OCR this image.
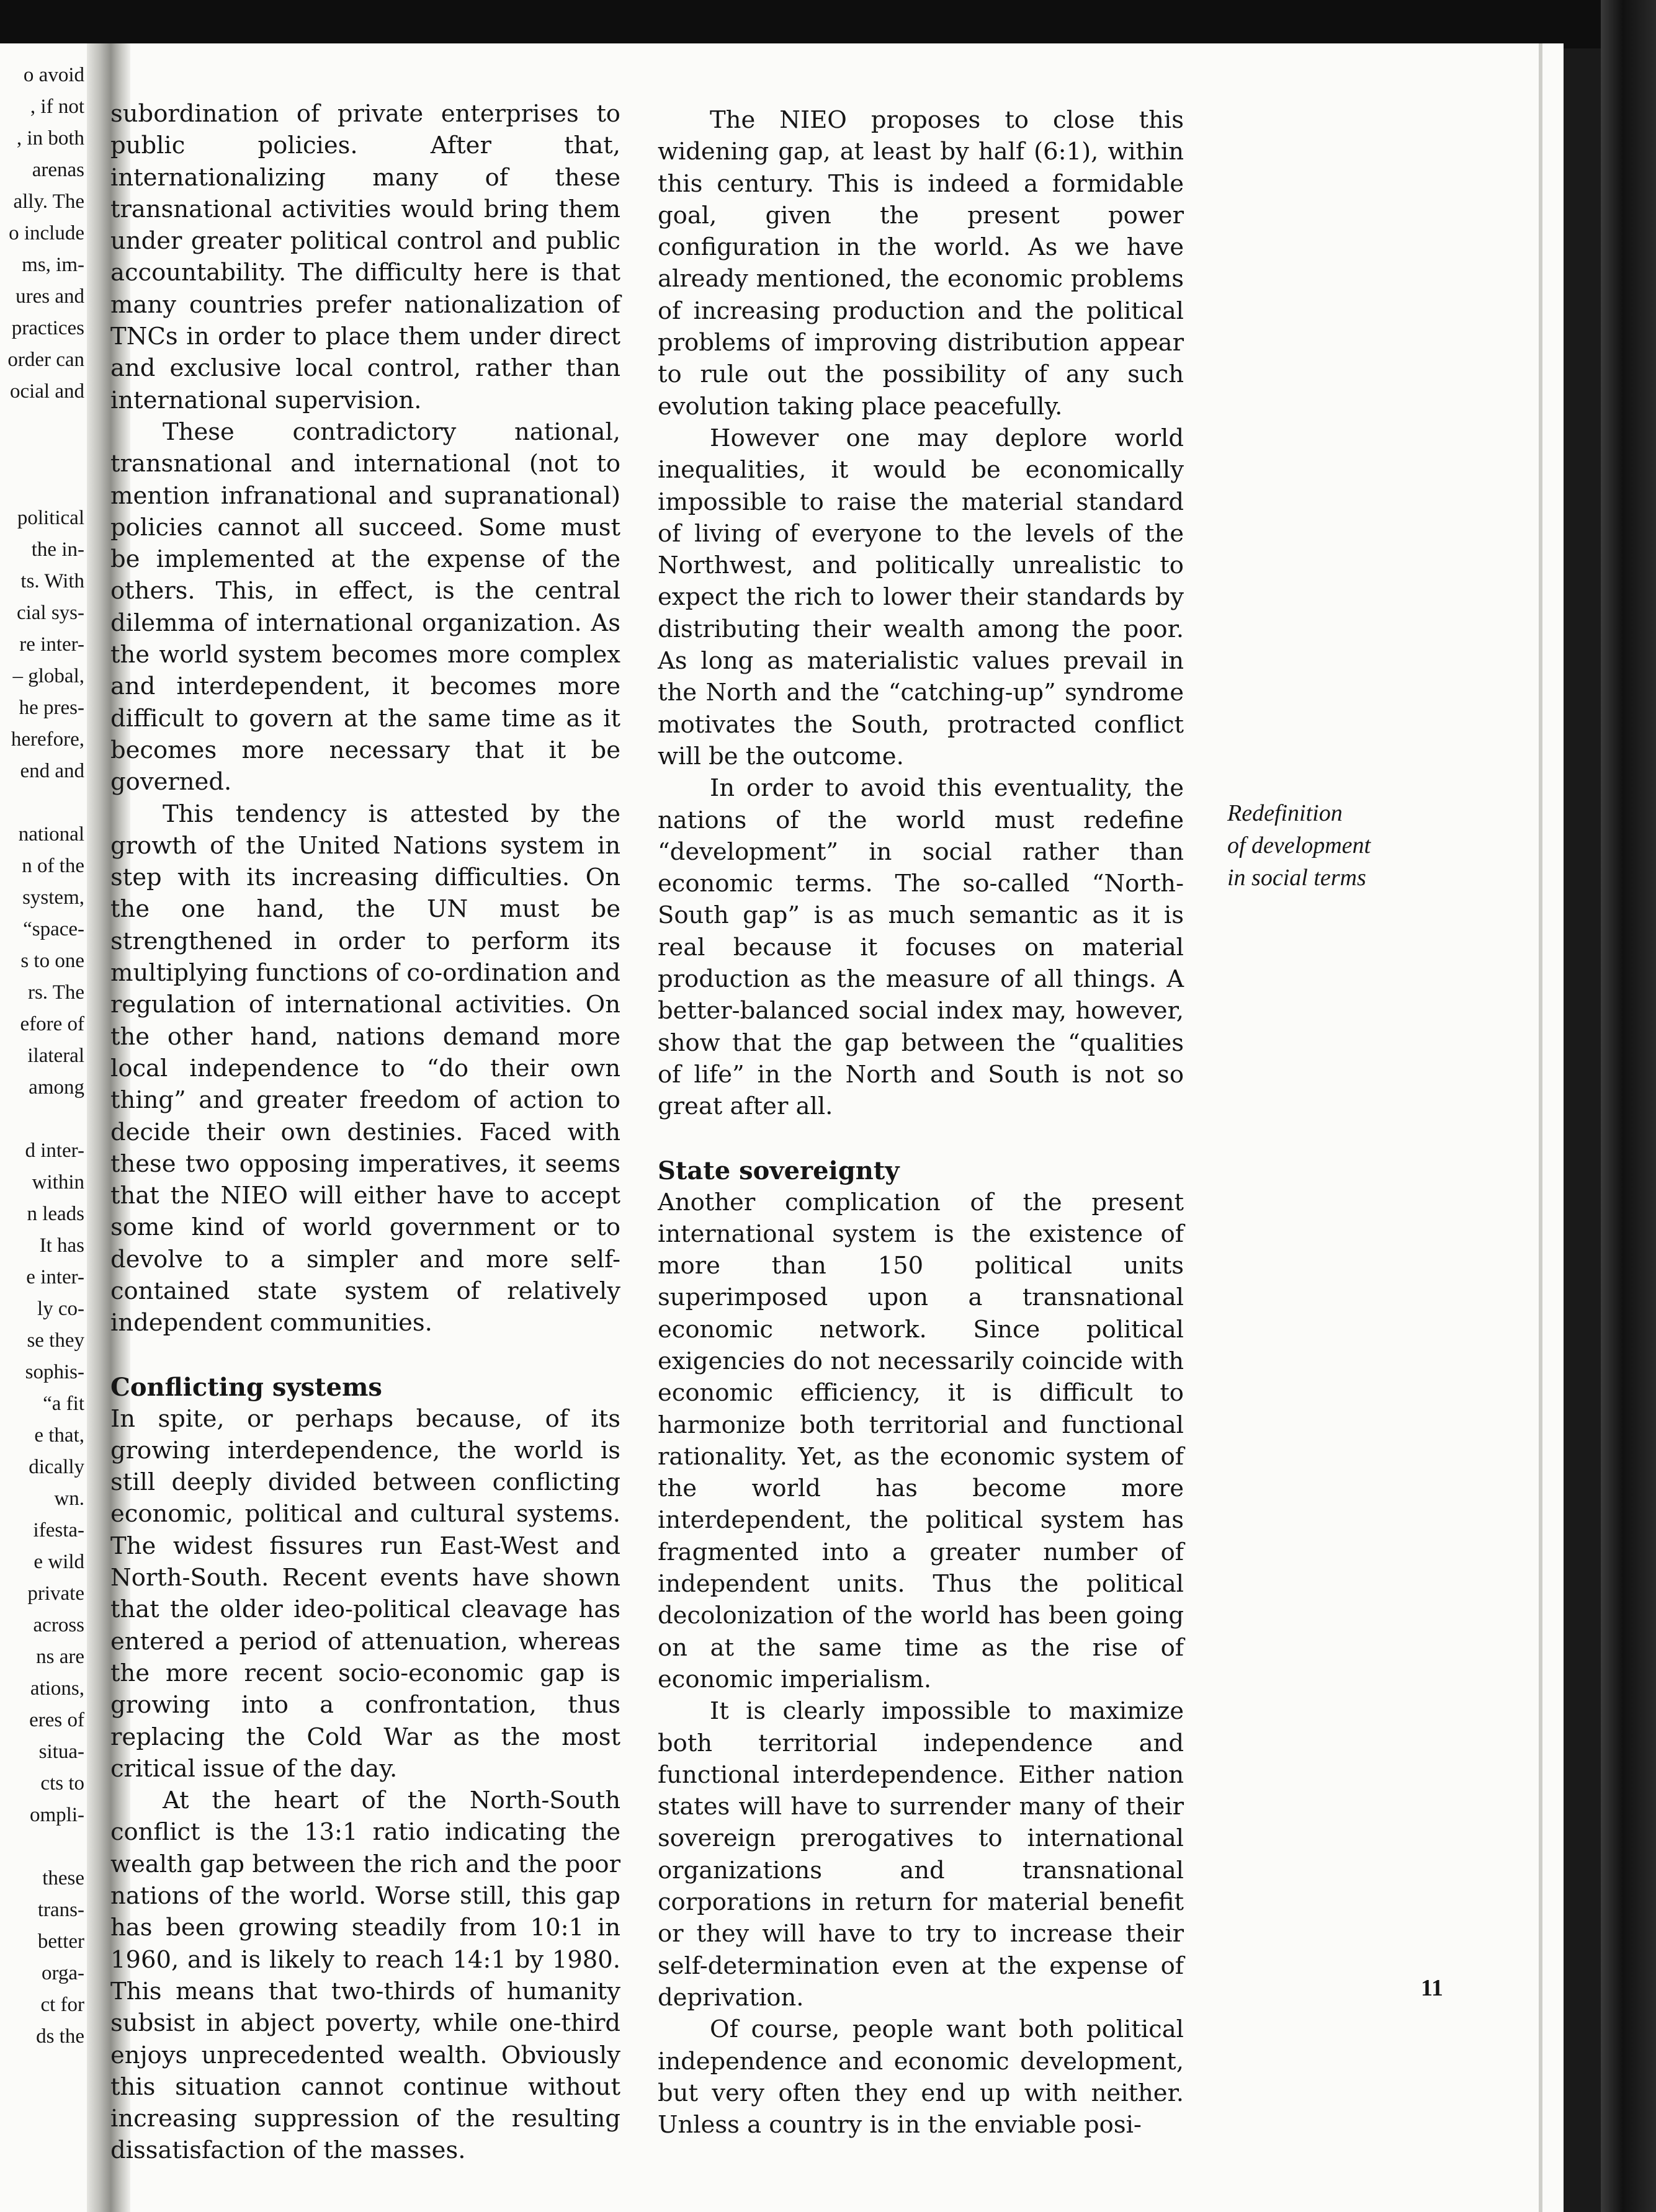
o avoid
, if not
, in both
arenas
ally. The
o include
ms, im-
ures and
practices
order can
ocial and
political
the in-
ts. With
cial sys-
re inter-
– global,
he pres-
herefore,
end and
national
n of the
system,
“space-
s to one
rs. The
efore of
ilateral
among
d inter-
within
n leads
It has
e inter-
ly co-
se they
sophis-
“a fit
e that,
dically
wn.
ifesta-
e wild
private
across
ns are
ations,
eres of
situa-
cts to
ompli-
these
trans-
better
orga-
ct for
ds the

subordination of private enterprises to public policies. After that, internationalizing many of these transnational activities would bring them under greater political control and public accountability. The difficulty here is that many countries prefer nationalization of TNCs in order to place them under direct and exclusive local control, rather than international supervision.

These contradictory national, transnational and international (not to mention infranational and supranational) policies cannot all succeed. Some must be implemented at the expense of the others. This, in effect, is the central dilemma of international organization. As the world system becomes more complex and interdependent, it becomes more difficult to govern at the same time as it becomes more necessary that it be governed.

This tendency is attested by the growth of the United Nations system in step with its increasing difficulties. On the one hand, the UN must be strengthened in order to perform its multiplying functions of co-ordination and regulation of international activities. On the other hand, nations demand more local independence to “do their own thing” and greater freedom of action to decide their own destinies. Faced with these two opposing imperatives, it seems that the NIEO will either have to accept some kind of world government or to devolve to a simpler and more self-contained state system of relatively independent communities.

Conflicting systems

In spite, or perhaps because, of its growing interdependence, the world is still deeply divided between conflicting economic, political and cultural systems. The widest fissures run East-West and North-South. Recent events have shown that the older ideo-political cleavage has entered a period of attenuation, whereas the more recent socio-economic gap is growing into a confrontation, thus replacing the Cold War as the most critical issue of the day.

At the heart of the North-South conflict is the 13:1 ratio indicating the wealth gap between the rich and the poor nations of the world. Worse still, this gap has been growing steadily from 10:1 in 1960, and is likely to reach 14:1 by 1980. This means that two-thirds of humanity subsist in abject poverty, while one-third enjoys unprecedented wealth. Obviously this situation cannot continue without increasing suppression of the resulting dissatisfaction of the masses.

The NIEO proposes to close this widening gap, at least by half (6:1), within this century. This is indeed a formidable goal, given the present power configuration in the world. As we have already mentioned, the economic problems of increasing production and the political problems of improving distribution appear to rule out the possibility of any such evolution taking place peacefully.

However one may deplore world inequalities, it would be economically impossible to raise the material standard of living of everyone to the levels of the Northwest, and politically unrealistic to expect the rich to lower their standards by distributing their wealth among the poor. As long as materialistic values prevail in the North and the “catching-up” syndrome motivates the South, protracted conflict will be the outcome.

In order to avoid this eventuality, the nations of the world must redefine “development” in social rather than economic terms. The so-called “North-South gap” is as much semantic as it is real because it focuses on material production as the measure of all things. A better-balanced social index may, however, show that the gap between the “qualities of life” in the North and South is not so great after all.

State sovereignty

Another complication of the present international system is the existence of more than 150 political units superimposed upon a transnational economic network. Since political exigencies do not necessarily coincide with economic efficiency, it is difficult to harmonize both territorial and functional rationality. Yet, as the economic system of the world has become more interdependent, the political system has fragmented into a greater number of independent units. Thus the political decolonization of the world has been going on at the same time as the rise of economic imperialism.

It is clearly impossible to maximize both territorial independence and functional interdependence. Either nation states will have to surrender many of their sovereign prerogatives to international organizations and transnational corporations in return for material benefit or they will have to try to increase their self-determination even at the expense of deprivation.

Of course, people want both political independence and economic development, but very often they end up with neither. Unless a country is in the enviable posi-

Redefinition
of development
in social terms
11
